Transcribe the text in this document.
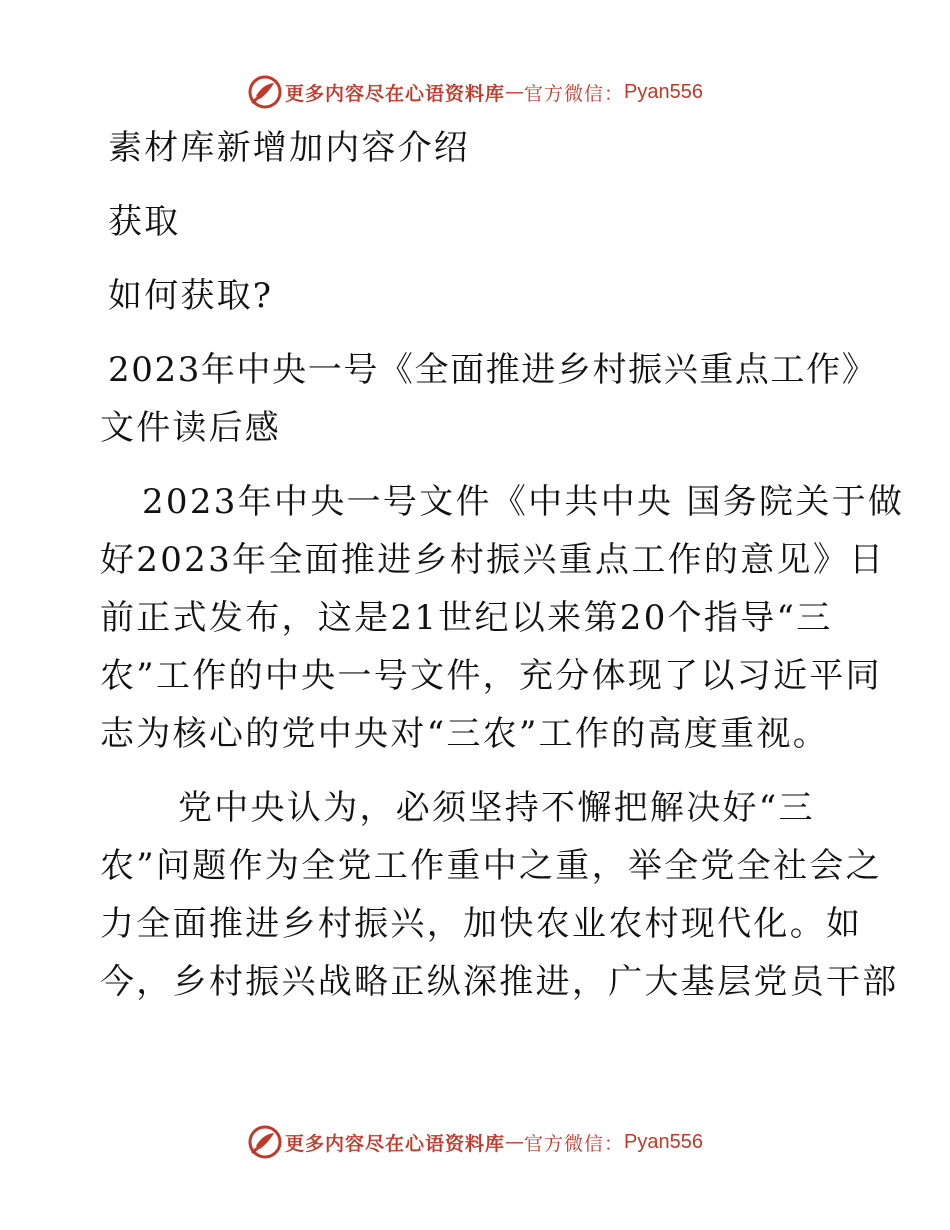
更多内容尽在心语资料库 — 官方微信： Pyan556
素材库新增加内容介绍
获取
如何获取?
2023年中央一号《全面推进乡村振兴重点工作》
文件读后感
2023年中央一号文件《中共中央 国务院关于做
好2023年全面推进乡村振兴重点工作的意见》日
前正式发布，这是21世纪以来第20个指导“三
农”工作的中央一号文件，充分体现了以习近平同
志为核心的党中央对“三农”工作的高度重视。
党中央认为，必须坚持不懈把解决好“三
农”问题作为全党工作重中之重，举全党全社会之
力全面推进乡村振兴，加快农业农村现代化。如
今，乡村振兴战略正纵深推进，广大基层党员干部
更多内容尽在心语资料库 — 官方微信： Pyan556
